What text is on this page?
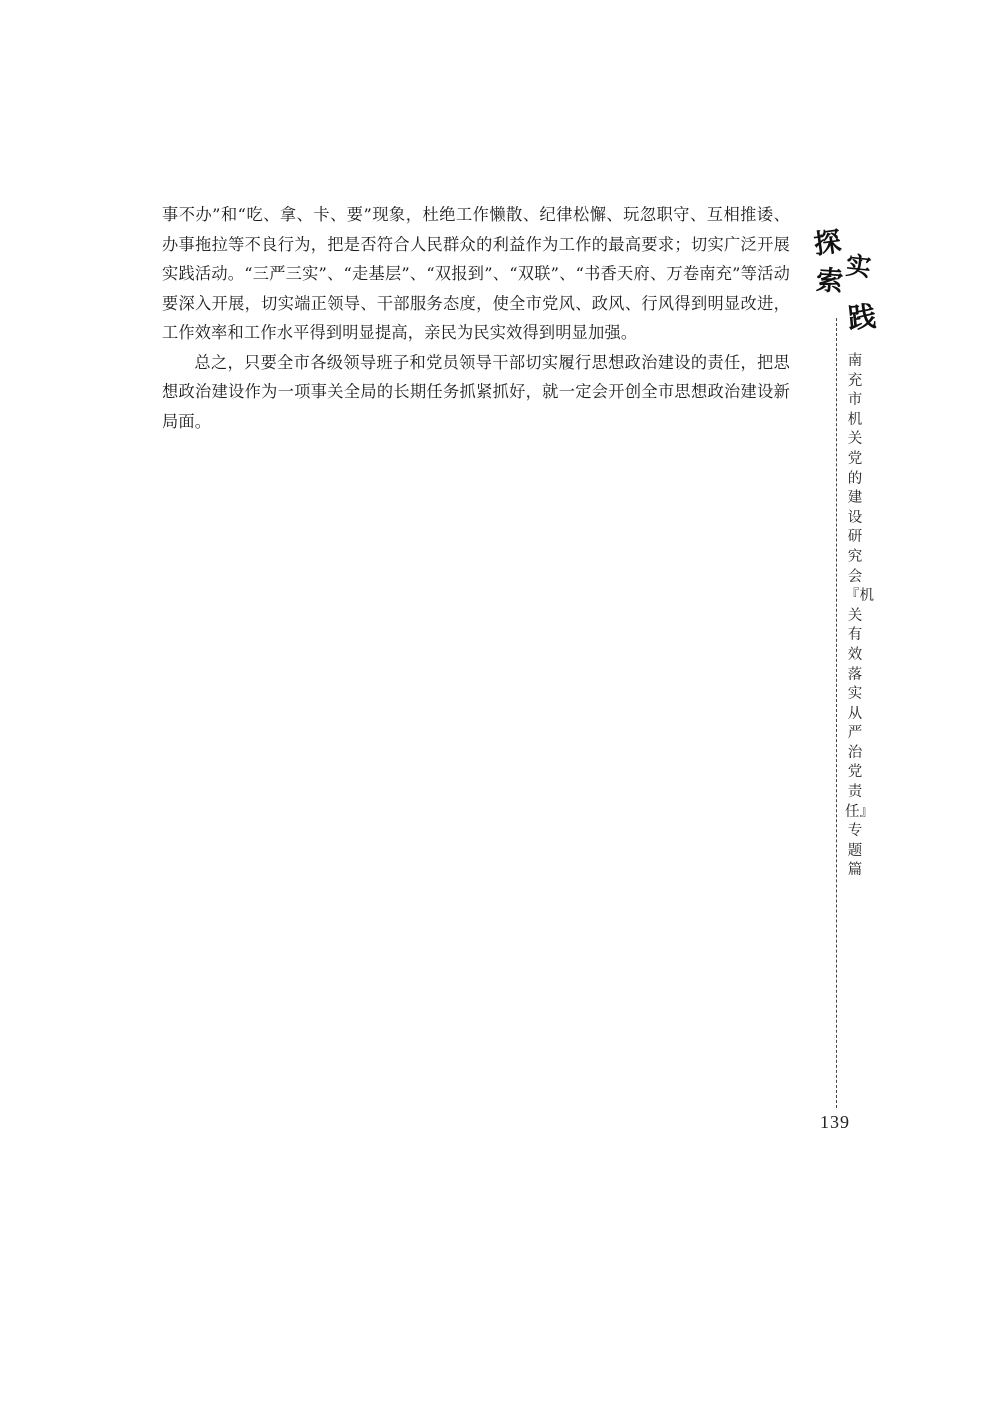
事不办”和“吃、拿、卡、要”现象，杜绝工作懒散、纪律松懈、玩忽职守、互相推诿、办事拖拉等不良行为，把是否符合人民群众的利益作为工作的最高要求；切实广泛开展实践活动。“三严三实”、“走基层”、“双报到”、“双联”、“书香天府、万卷南充”等活动要深入开展，切实端正领导、干部服务态度，使全市党风、政风、行风得到明显改进，工作效率和工作水平得到明显提高，亲民为民实效得到明显加强。

总之，只要全市各级领导班子和党员领导干部切实履行思想政治建设的责任，把思想政治建设作为一项事关全局的长期任务抓紧抓好，就一定会开创全市思想政治建设新局面。

探
索 实
践
南充市机关党的建设研究会『机关有效落实从严治党责任』专题篇
139
